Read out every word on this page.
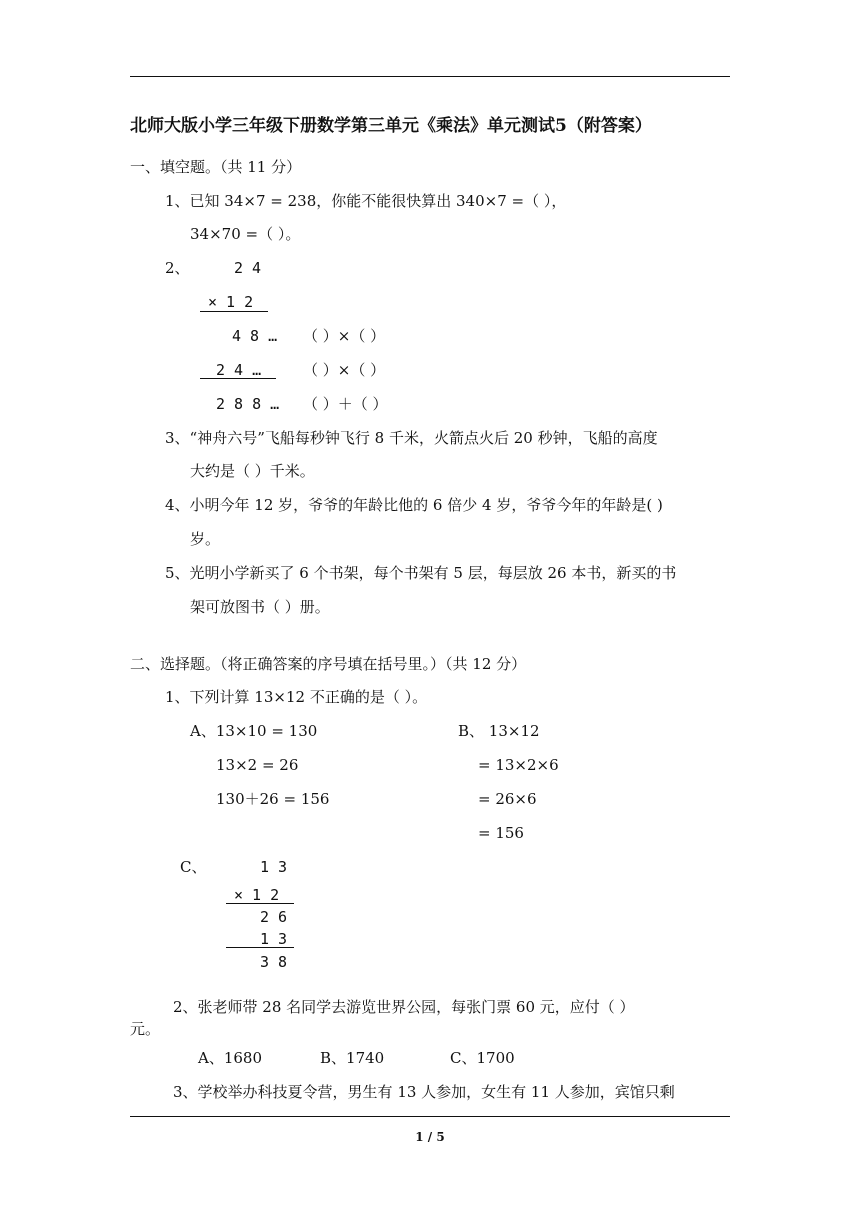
北师大版小学三年级下册数学第三单元《乘法》单元测试5（附答案）
一、填空题。（共 11 分）
1、已知 34×7 = 238，你能不能很快算出 340×7 =（ ），
34×70 =（ ）。
2、	2 4
× 1 2
4 8 … （ ）×（ ）
2 4 …	（ ）×（ ）
2 8 8 … （ ）＋（ ）
3、“神舟六号”飞船每秒钟飞行 8 千米，火箭点火后 20 秒钟，飞船的高度
大约是（ ）千米。
4、小明今年 12 岁，爷爷的年龄比他的 6 倍少 4 岁，爷爷今年的年龄是( )
岁。
5、光明小学新买了 6 个书架，每个书架有 5 层，每层放 26 本书，新买的书
架可放图书（ ）册。
二、选择题。（将正确答案的序号填在括号里。）（共 12 分）
1、下列计算 13×12 不正确的是（ ）。
A、13×10 = 130
13×2 = 26
130＋26 = 156
B、 13×12
= 13×2×6
= 26×6
= 156
C、	1 3
× 1 2
2 6
1 3
3 8
2、张老师带 28 名同学去游览世界公园，每张门票 60 元，应付（ ）
元。
A、1680	B、1740	C、1700
3、学校举办科技夏令营，男生有 13 人参加，女生有 11 人参加，宾馆只剩
1 / 5
